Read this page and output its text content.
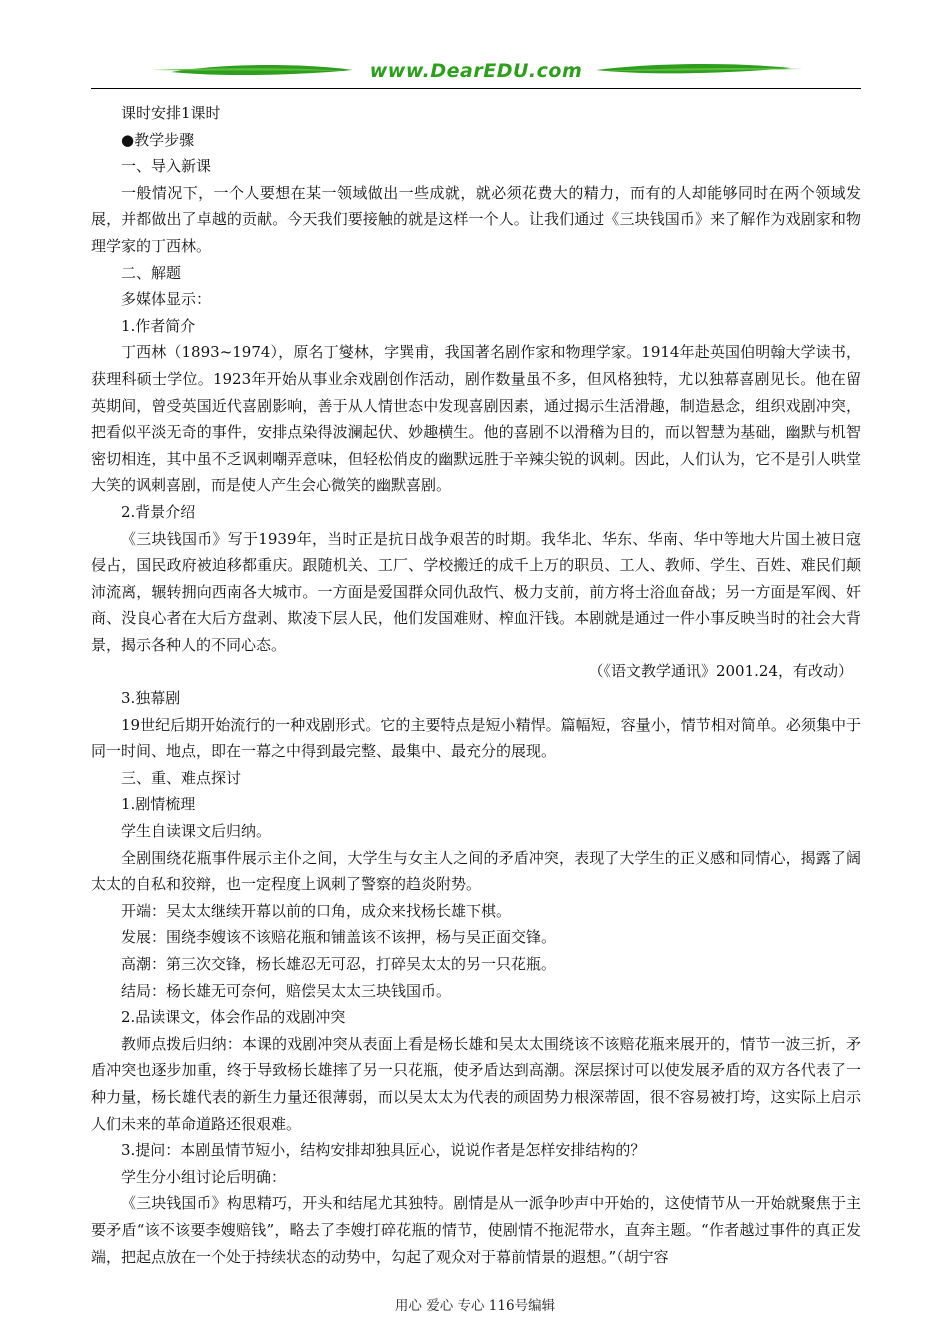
www.DearEDU.com

课时安排1课时

●教学步骤

一、导入新课

一般情况下，一个人要想在某一领域做出一些成就，就必须花费大的精力，而有的人却能够同时在两个领域发展，并都做出了卓越的贡献。今天我们要接触的就是这样一个人。让我们通过《三块钱国币》来了解作为戏剧家和物理学家的丁西林。

二、解题

多媒体显示：

1.作者简介

丁西林（1893~1974），原名丁燮林，字巽甫，我国著名剧作家和物理学家。1914年赴英国伯明翰大学读书，获理科硕士学位。1923年开始从事业余戏剧创作活动，剧作数量虽不多，但风格独特，尤以独幕喜剧见长。他在留英期间，曾受英国近代喜剧影响，善于从人情世态中发现喜剧因素，通过揭示生活滑趣，制造悬念，组织戏剧冲突，把看似平淡无奇的事件，安排点染得波澜起伏、妙趣横生。他的喜剧不以滑稽为目的，而以智慧为基础，幽默与机智密切相连，其中虽不乏讽刺嘲弄意味，但轻松俏皮的幽默远胜于辛辣尖锐的讽刺。因此，人们认为，它不是引人哄堂大笑的讽刺喜剧，而是使人产生会心微笑的幽默喜剧。

2.背景介绍

《三块钱国币》写于1939年，当时正是抗日战争艰苦的时期。我华北、华东、华南、华中等地大片国土被日寇侵占，国民政府被迫移都重庆。跟随机关、工厂、学校搬迁的成千上万的职员、工人、教师、学生、百姓、难民们颠沛流离，辗转拥向西南各大城市。一方面是爱国群众同仇敌忾、极力支前，前方将士浴血奋战；另一方面是军阀、奸商、没良心者在大后方盘剥、欺凌下层人民，他们发国难财、榨血汗钱。本剧就是通过一件小事反映当时的社会大背景，揭示各种人的不同心态。

（《语文教学通讯》2001.24，有改动）

3.独幕剧

19世纪后期开始流行的一种戏剧形式。它的主要特点是短小精悍。篇幅短，容量小，情节相对简单。必须集中于同一时间、地点，即在一幕之中得到最完整、最集中、最充分的展现。

三、重、难点探讨

1.剧情梳理

学生自读课文后归纳。

全剧围绕花瓶事件展示主仆之间，大学生与女主人之间的矛盾冲突，表现了大学生的正义感和同情心，揭露了阔太太的自私和狡辩，也一定程度上讽刺了警察的趋炎附势。

开端：吴太太继续开幕以前的口角，成众来找杨长雄下棋。

发展：围绕李嫂该不该赔花瓶和铺盖该不该押，杨与吴正面交锋。

高潮：第三次交锋，杨长雄忍无可忍，打碎吴太太的另一只花瓶。

结局：杨长雄无可奈何，赔偿吴太太三块钱国币。

2.品读课文，体会作品的戏剧冲突

教师点拨后归纳：本课的戏剧冲突从表面上看是杨长雄和吴太太围绕该不该赔花瓶来展开的，情节一波三折，矛盾冲突也逐步加重，终于导致杨长雄摔了另一只花瓶，使矛盾达到高潮。深层探讨可以使发展矛盾的双方各代表了一种力量，杨长雄代表的新生力量还很薄弱，而以吴太太为代表的顽固势力根深蒂固，很不容易被打垮，这实际上启示人们未来的革命道路还很艰难。

3.提问：本剧虽情节短小，结构安排却独具匠心，说说作者是怎样安排结构的？

学生分小组讨论后明确：

《三块钱国币》构思精巧，开头和结尾尤其独特。剧情是从一派争吵声中开始的，这使情节从一开始就聚焦于主要矛盾“该不该要李嫂赔钱”，略去了李嫂打碎花瓶的情节，使剧情不拖泥带水，直奔主题。“作者越过事件的真正发端，把起点放在一个处于持续状态的动势中，勾起了观众对于幕前情景的遐想。”（胡宁容

用心 爱心 专心 116号编辑
